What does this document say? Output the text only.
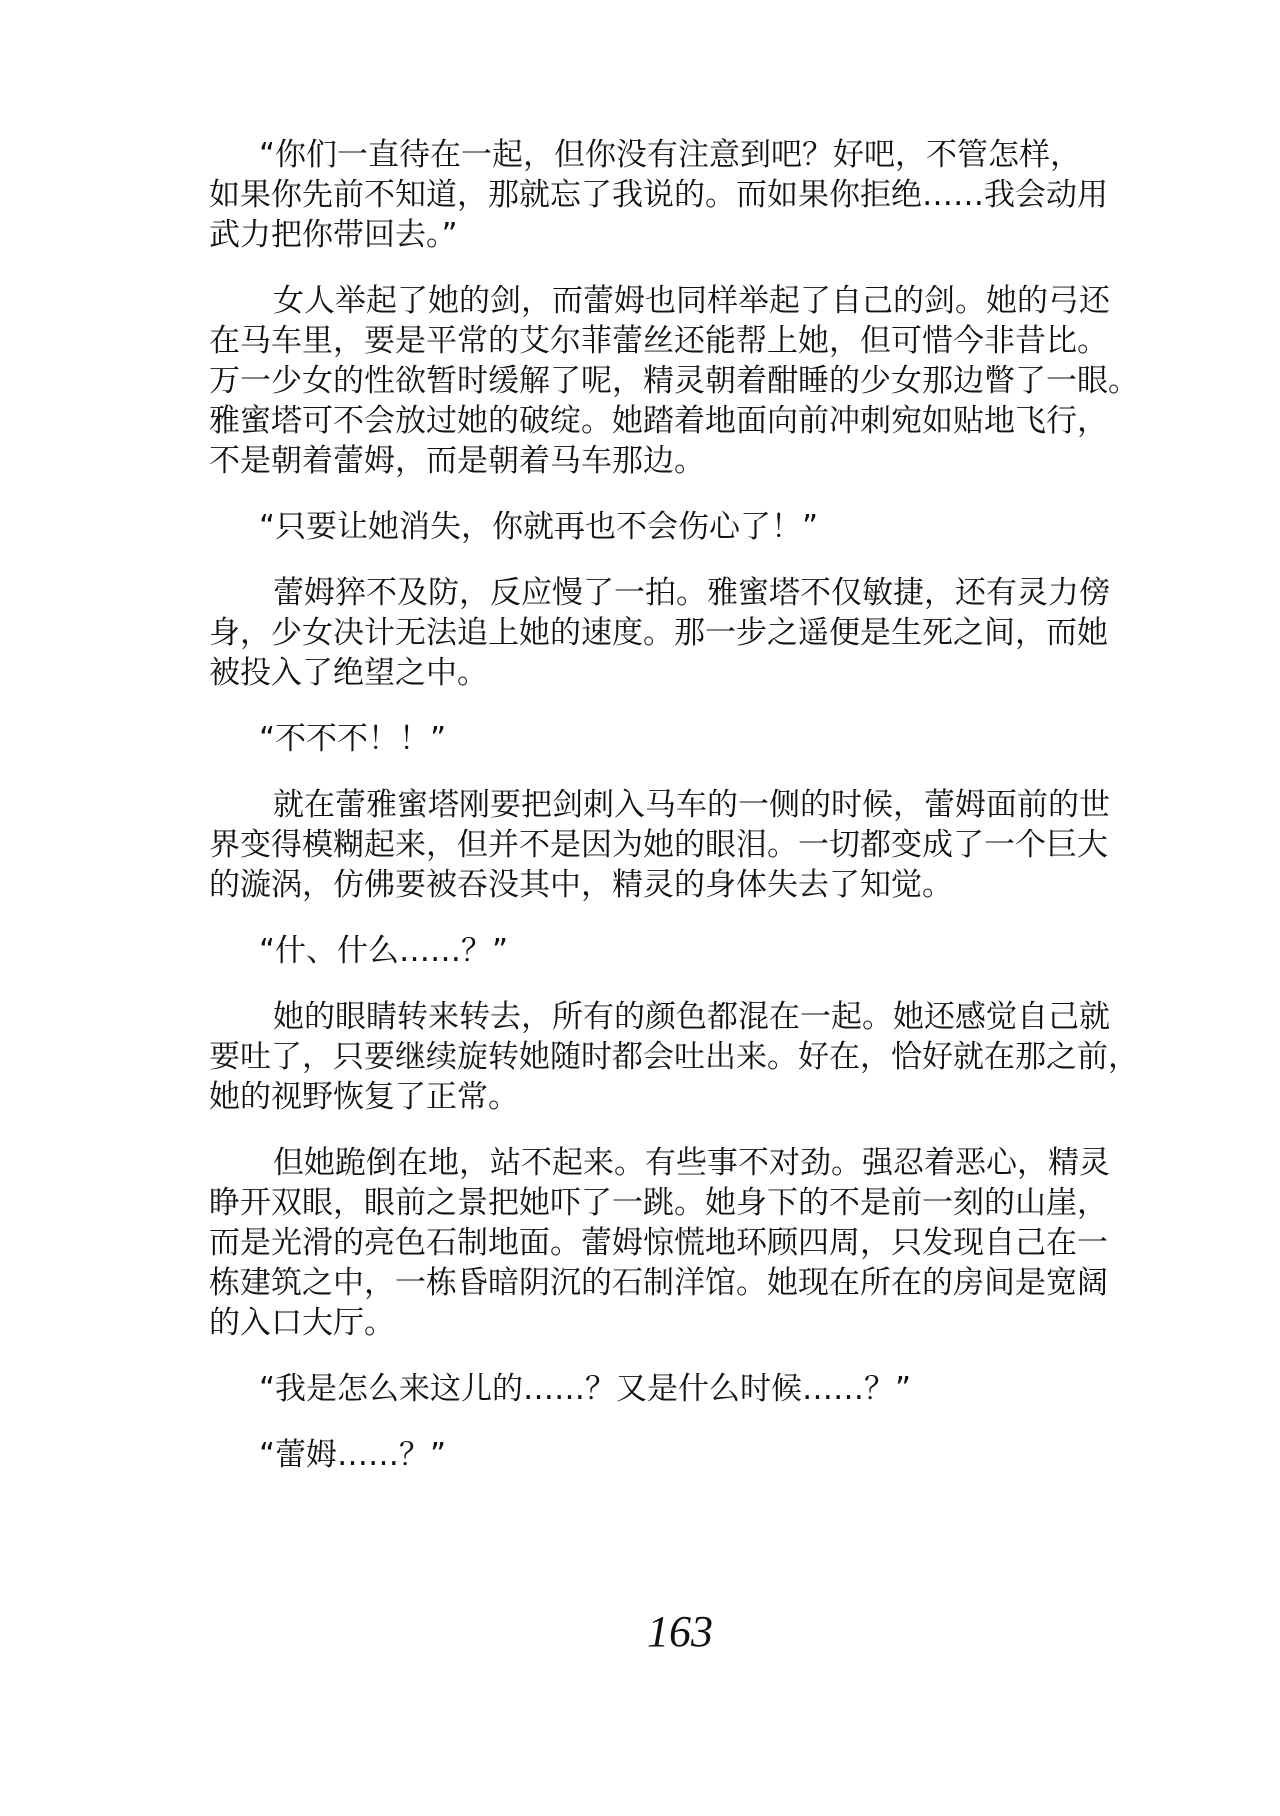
“你们一直待在一起，但你没有注意到吧？好吧，不管怎样，
如果你先前不知道，那就忘了我说的。而如果你拒绝……我会动用
武力把你带回去。”
女人举起了她的剑，而蕾姆也同样举起了自己的剑。她的弓还
在马车里，要是平常的艾尔菲蕾丝还能帮上她，但可惜今非昔比。
万一少女的性欲暂时缓解了呢，精灵朝着酣睡的少女那边瞥了一眼。
雅蜜塔可不会放过她的破绽。她踏着地面向前冲刺宛如贴地飞行，
不是朝着蕾姆，而是朝着马车那边。
“只要让她消失，你就再也不会伤心了！”
蕾姆猝不及防，反应慢了一拍。雅蜜塔不仅敏捷，还有灵力傍
身，少女决计无法追上她的速度。那一步之遥便是生死之间，而她
被投入了绝望之中。
“不不不！！”
就在蕾雅蜜塔刚要把剑刺入马车的一侧的时候，蕾姆面前的世
界变得模糊起来，但并不是因为她的眼泪。一切都变成了一个巨大
的漩涡，仿佛要被吞没其中，精灵的身体失去了知觉。
“什、什么……？”
她的眼睛转来转去，所有的颜色都混在一起。她还感觉自己就
要吐了，只要继续旋转她随时都会吐出来。好在，恰好就在那之前，
她的视野恢复了正常。
但她跪倒在地，站不起来。有些事不对劲。强忍着恶心，精灵
睁开双眼，眼前之景把她吓了一跳。她身下的不是前一刻的山崖，
而是光滑的亮色石制地面。蕾姆惊慌地环顾四周，只发现自己在一
栋建筑之中，一栋昏暗阴沉的石制洋馆。她现在所在的房间是宽阔
的入口大厅。
“我是怎么来这儿的……？又是什么时候……？”
“蕾姆……？”
163
